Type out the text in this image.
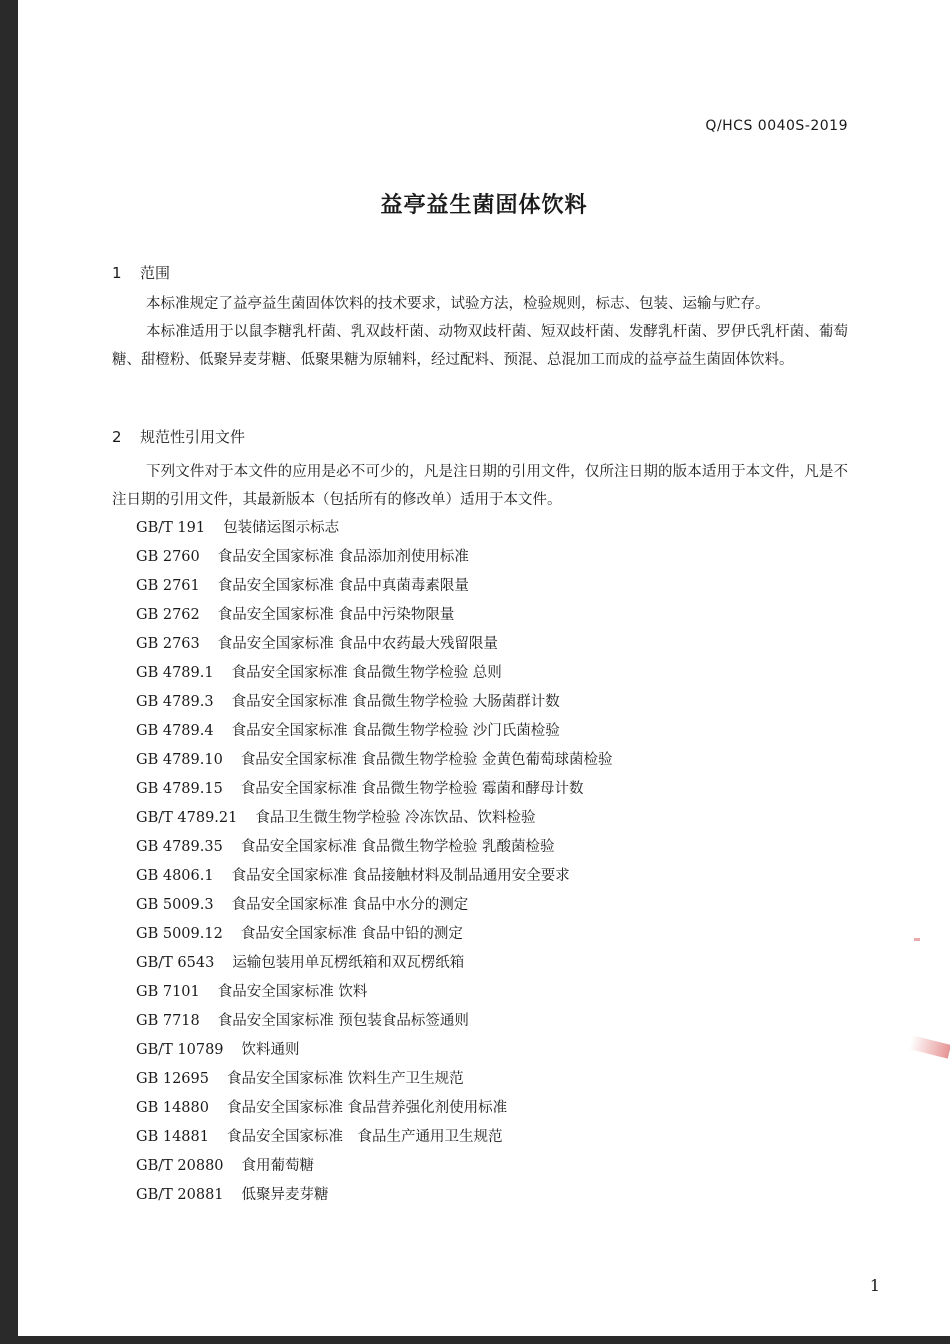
Q/HCS 0040S-2019
益亭益生菌固体饮料
1 范围

本标准规定了益亭益生菌固体饮料的技术要求，试验方法，检验规则，标志、包装、运输与贮存。

本标准适用于以鼠李糖乳杆菌、乳双歧杆菌、动物双歧杆菌、短双歧杆菌、发酵乳杆菌、罗伊氏乳杆菌、葡萄糖、甜橙粉、低聚异麦芽糖、低聚果糖为原辅料，经过配料、预混、总混加工而成的益亭益生菌固体饮料。

2 规范性引用文件

下列文件对于本文件的应用是必不可少的，凡是注日期的引用文件，仅所注日期的版本适用于本文件，凡是不注日期的引用文件，其最新版本（包括所有的修改单）适用于本文件。

GB/T 191 包装储运图示标志
GB 2760 食品安全国家标准 食品添加剂使用标准
GB 2761 食品安全国家标准 食品中真菌毒素限量
GB 2762 食品安全国家标准 食品中污染物限量
GB 2763 食品安全国家标准 食品中农药最大残留限量
GB 4789.1 食品安全国家标准 食品微生物学检验 总则
GB 4789.3 食品安全国家标准 食品微生物学检验 大肠菌群计数
GB 4789.4 食品安全国家标准 食品微生物学检验 沙门氏菌检验
GB 4789.10 食品安全国家标准 食品微生物学检验 金黄色葡萄球菌检验
GB 4789.15 食品安全国家标准 食品微生物学检验 霉菌和酵母计数
GB/T 4789.21 食品卫生微生物学检验 冷冻饮品、饮料检验
GB 4789.35 食品安全国家标准 食品微生物学检验 乳酸菌检验
GB 4806.1 食品安全国家标准 食品接触材料及制品通用安全要求
GB 5009.3 食品安全国家标准 食品中水分的测定
GB 5009.12 食品安全国家标准 食品中铅的测定
GB/T 6543 运输包装用单瓦楞纸箱和双瓦楞纸箱
GB 7101 食品安全国家标准 饮料
GB 7718 食品安全国家标准 预包装食品标签通则
GB/T 10789 饮料通则
GB 12695 食品安全国家标准 饮料生产卫生规范
GB 14880 食品安全国家标准 食品营养强化剂使用标准
GB 14881 食品安全国家标准　食品生产通用卫生规范
GB/T 20880 食用葡萄糖
GB/T 20881 低聚异麦芽糖
1
